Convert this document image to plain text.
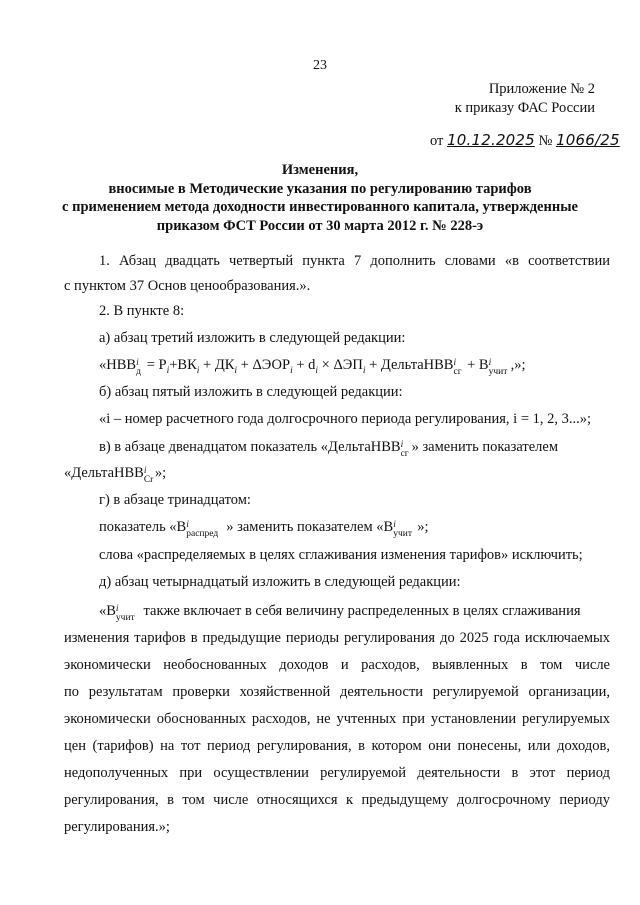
23
Приложение № 2
к приказу ФАС России
от 10.12.2025 № 1066/25
Изменения,
вносимые в Методические указания по регулированию тарифов
с применением метода доходности инвестированного капитала, утвержденные
приказом ФСТ России от 30 марта 2012 г. № 228-э
1. Абзац двадцать четвертый пункта 7 дополнить словами «в соответствии
с пунктом 37 Основ ценообразования.».
2. В пункте 8:
а) абзац третий изложить в следующей редакции:
«НВВ д
$i = Р_i+ВК_i + ДК_i + \Delta ЭОР_i + d_i \times \Delta ЭП_i$ + ДельтаНВВ сг
i + В учит
i ,»;
б) абзац пятый изложить в следующей редакции:
«i – номер расчетного года долгосрочного периода регулирования, i = 1, 2, 3...»;
в) в абзаце двенадцатом показатель «ДельтаНВВ сг
i » заменить показателем
«ДельтаНВВ Cr
i »;
г) в абзаце тринадцатом:
показатель «В распред
i	» заменить показателем «В учит
i »;
слова «распределяемых в целях сглаживания изменения тарифов» исключить;
д) абзац четырнадцатый изложить в следующей редакции:
«В учит
i также включает в себя величину распределенных в целях сглаживания
изменения тарифов в предыдущие периоды регулирования до 2025 года исключаемых
экономически необоснованных доходов и расходов, выявленных в том числе
по результатам проверки хозяйственной деятельности регулируемой организации,
экономически обоснованных расходов, не учтенных при установлении регулируемых
цен (тарифов) на тот период регулирования, в котором они понесены, или доходов,
недополученных при осуществлении регулируемой деятельности в этот период
регулирования, в том числе относящихся к предыдущему долгосрочному периоду
регулирования.»;
